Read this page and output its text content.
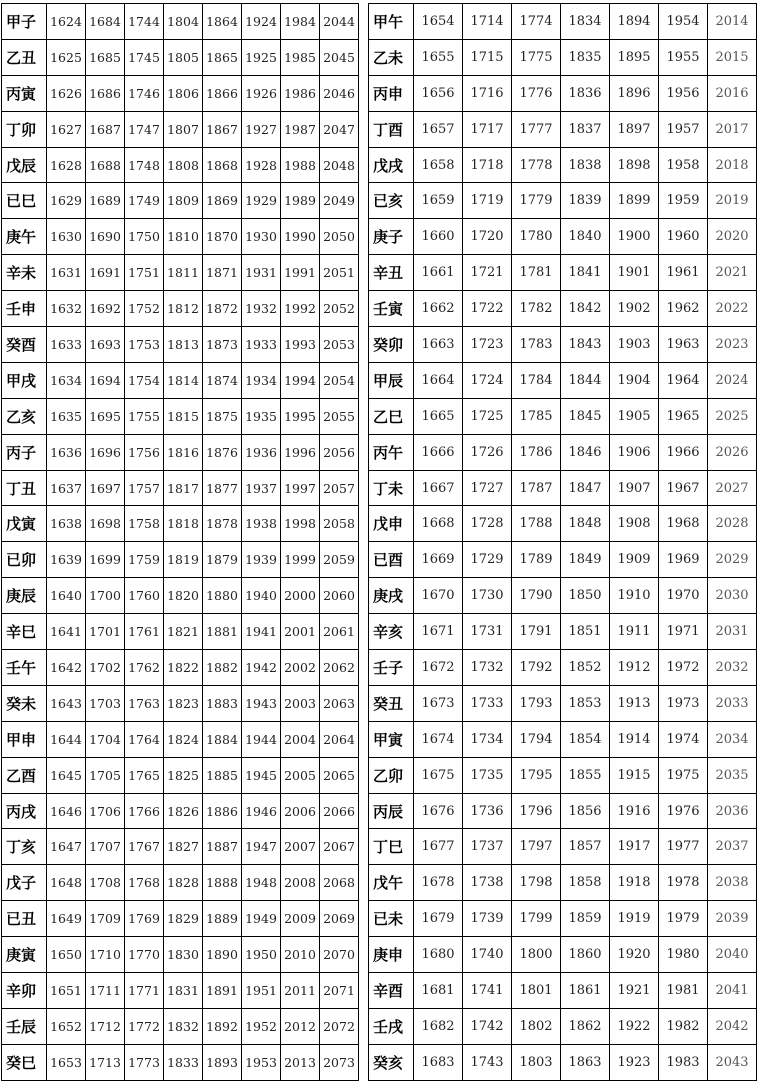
甲子	1624	1684	1744	1804	1864	1924	1984	2044		甲午	1654	1714	1774	1834	1894	1954	2014
乙丑	1625	1685	1745	1805	1865	1925	1985	2045		乙未	1655	1715	1775	1835	1895	1955	2015
丙寅	1626	1686	1746	1806	1866	1926	1986	2046		丙申	1656	1716	1776	1836	1896	1956	2016
丁卯	1627	1687	1747	1807	1867	1927	1987	2047		丁酉	1657	1717	1777	1837	1897	1957	2017
戊辰	1628	1688	1748	1808	1868	1928	1988	2048		戊戌	1658	1718	1778	1838	1898	1958	2018
已巳	1629	1689	1749	1809	1869	1929	1989	2049		已亥	1659	1719	1779	1839	1899	1959	2019
庚午	1630	1690	1750	1810	1870	1930	1990	2050		庚子	1660	1720	1780	1840	1900	1960	2020
辛未	1631	1691	1751	1811	1871	1931	1991	2051		辛丑	1661	1721	1781	1841	1901	1961	2021
壬申	1632	1692	1752	1812	1872	1932	1992	2052		壬寅	1662	1722	1782	1842	1902	1962	2022
癸酉	1633	1693	1753	1813	1873	1933	1993	2053		癸卯	1663	1723	1783	1843	1903	1963	2023
甲戌	1634	1694	1754	1814	1874	1934	1994	2054		甲辰	1664	1724	1784	1844	1904	1964	2024
乙亥	1635	1695	1755	1815	1875	1935	1995	2055		乙巳	1665	1725	1785	1845	1905	1965	2025
丙子	1636	1696	1756	1816	1876	1936	1996	2056		丙午	1666	1726	1786	1846	1906	1966	2026
丁丑	1637	1697	1757	1817	1877	1937	1997	2057		丁未	1667	1727	1787	1847	1907	1967	2027
戊寅	1638	1698	1758	1818	1878	1938	1998	2058		戊申	1668	1728	1788	1848	1908	1968	2028
已卯	1639	1699	1759	1819	1879	1939	1999	2059		已酉	1669	1729	1789	1849	1909	1969	2029
庚辰	1640	1700	1760	1820	1880	1940	2000	2060		庚戌	1670	1730	1790	1850	1910	1970	2030
辛巳	1641	1701	1761	1821	1881	1941	2001	2061		辛亥	1671	1731	1791	1851	1911	1971	2031
壬午	1642	1702	1762	1822	1882	1942	2002	2062		壬子	1672	1732	1792	1852	1912	1972	2032
癸未	1643	1703	1763	1823	1883	1943	2003	2063		癸丑	1673	1733	1793	1853	1913	1973	2033
甲申	1644	1704	1764	1824	1884	1944	2004	2064		甲寅	1674	1734	1794	1854	1914	1974	2034
乙酉	1645	1705	1765	1825	1885	1945	2005	2065		乙卯	1675	1735	1795	1855	1915	1975	2035
丙戌	1646	1706	1766	1826	1886	1946	2006	2066		丙辰	1676	1736	1796	1856	1916	1976	2036
丁亥	1647	1707	1767	1827	1887	1947	2007	2067		丁巳	1677	1737	1797	1857	1917	1977	2037
戊子	1648	1708	1768	1828	1888	1948	2008	2068		戊午	1678	1738	1798	1858	1918	1978	2038
已丑	1649	1709	1769	1829	1889	1949	2009	2069		已未	1679	1739	1799	1859	1919	1979	2039
庚寅	1650	1710	1770	1830	1890	1950	2010	2070		庚申	1680	1740	1800	1860	1920	1980	2040
辛卯	1651	1711	1771	1831	1891	1951	2011	2071		辛酉	1681	1741	1801	1861	1921	1981	2041
壬辰	1652	1712	1772	1832	1892	1952	2012	2072		壬戌	1682	1742	1802	1862	1922	1982	2042
癸巳	1653	1713	1773	1833	1893	1953	2013	2073		癸亥	1683	1743	1803	1863	1923	1983	2043
